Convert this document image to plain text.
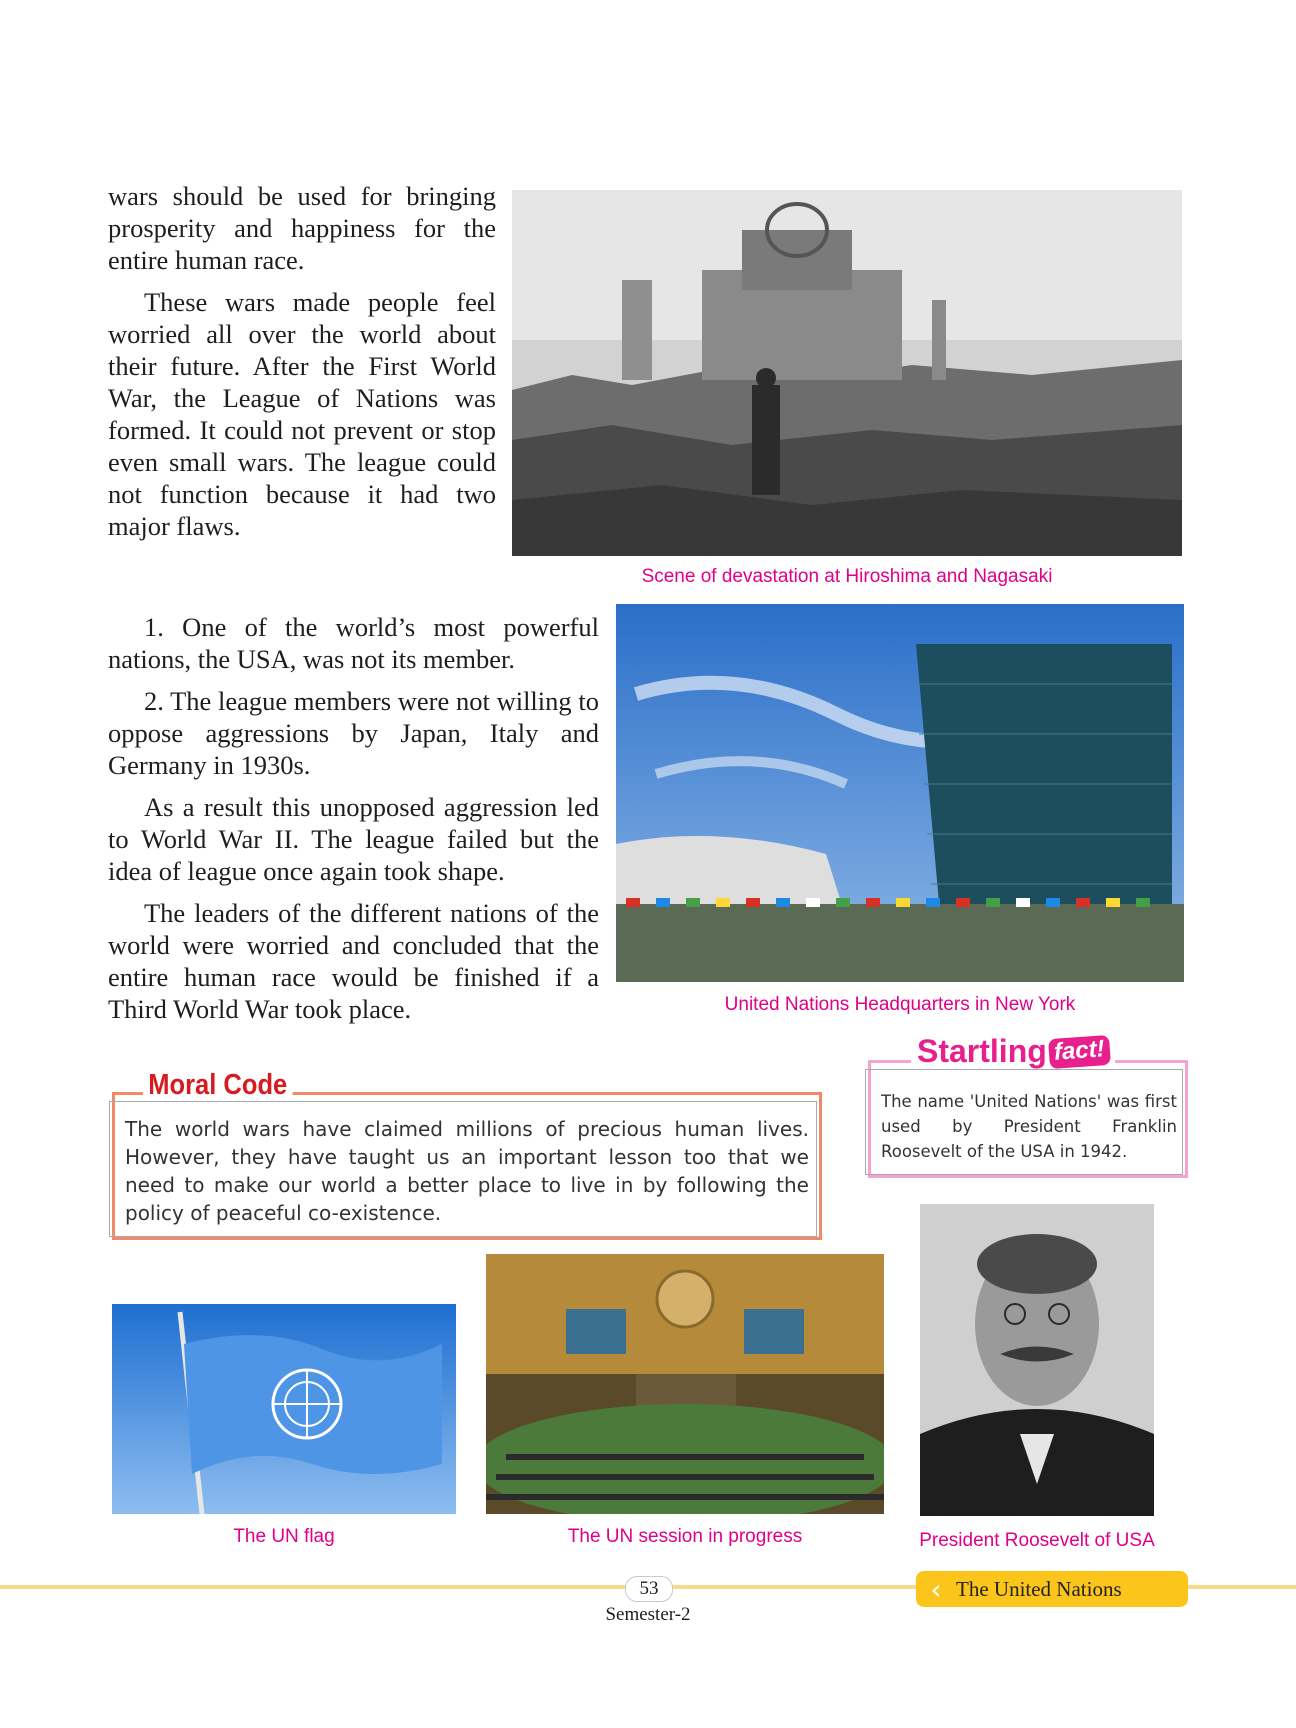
wars should be used for bringing prosperity and happiness for the entire human race.

These wars made people feel worried all over the world about their future. After the First World War, the League of Nations was formed. It could not prevent or stop even small wars. The league could not function because it had two major flaws.

1. One of the world’s most powerful nations, the USA, was not its member.

2. The league members were not willing to oppose aggressions by Japan, Italy and Germany in 1930s.

As a result this unopposed aggression led to World War II. The league failed but the idea of league once again took shape.

The leaders of the different nations of the world were worried and concluded that the entire human race would be finished if a Third World War took place.

Scene of devastation at Hiroshima and Nagasaki
United Nations Headquarters in New York
Moral Code
The world wars have claimed millions of precious human lives. However, they have taught us an important lesson too that we need to make our world a better place to live in by following the policy of peaceful co-existence.
Startling fact!
The name 'United Nations' was first used by President Franklin Roosevelt of the USA in 1942.
The UN flag	The UN session in progress	President Roosevelt of USA
53
Semester-2
‹ The United Nations
